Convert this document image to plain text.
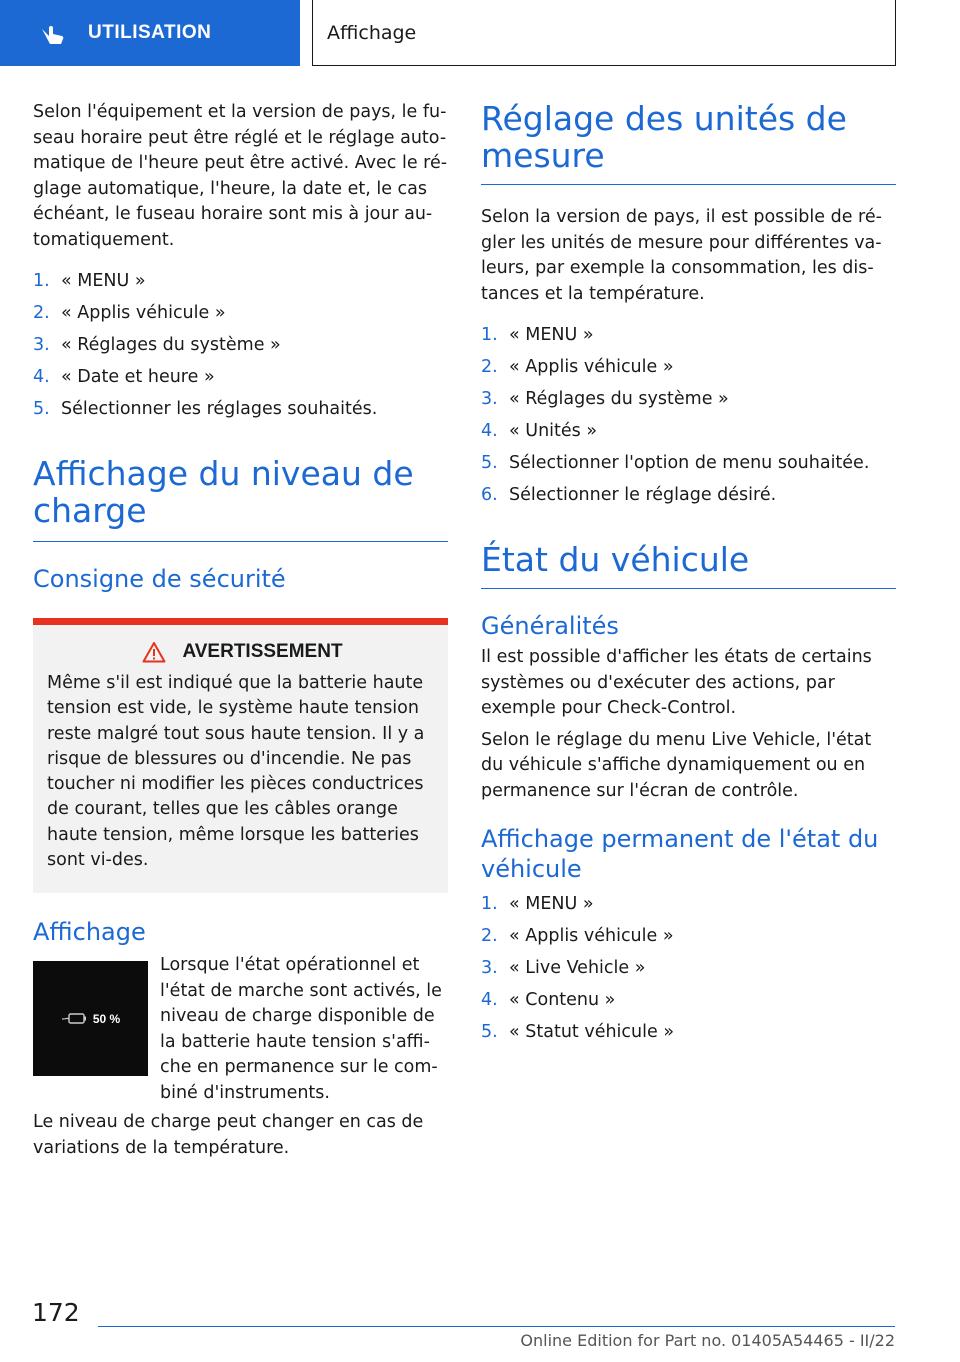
UTILISATION	Affichage

Selon l'équipement et la version de pays, le fu-seau horaire peut être réglé et le réglage auto-matique de l'heure peut être activé. Avec le ré-glage automatique, l'heure, la date et, le cas échéant, le fuseau horaire sont mis à jour au-tomatiquement.

1. « MENU »
2. « Applis véhicule »
3. « Réglages du système »
4. « Date et heure »
5. Sélectionner les réglages souhaités.
Affichage du niveau de charge
Consigne de sécurité
AVERTISSEMENT

Même s'il est indiqué que la batterie haute tension est vide, le système haute tension reste malgré tout sous haute tension. Il y a risque de blessures ou d'incendie. Ne pas toucher ni modifier les pièces conductrices de courant, telles que les câbles orange haute tension, même lorsque les batteries sont vi-des.

Affichage
50 %

Lorsque l'état opérationnel et l'état de marche sont activés, le niveau de charge disponible de la batterie haute tension s'affi-che en permanence sur le com-biné d'instruments.

Le niveau de charge peut changer en cas de variations de la température.

Réglage des unités de mesure

Selon la version de pays, il est possible de ré-gler les unités de mesure pour différentes va-leurs, par exemple la consommation, les dis-tances et la température.

1. « MENU »
2. « Applis véhicule »
3. « Réglages du système »
4. « Unités »
5. Sélectionner l'option de menu souhaitée.
6. Sélectionner le réglage désiré.
État du véhicule
Généralités

Il est possible d'afficher les états de certains systèmes ou d'exécuter des actions, par exemple pour Check-Control.

Selon le réglage du menu Live Vehicle, l'état du véhicule s'affiche dynamiquement ou en permanence sur l'écran de contrôle.

Affichage permanent de l'état du véhicule
1. « MENU »
2. « Applis véhicule »
3. « Live Vehicle »
4. « Contenu »
5. « Statut véhicule »
172
Online Edition for Part no. 01405A54465 - II/22
